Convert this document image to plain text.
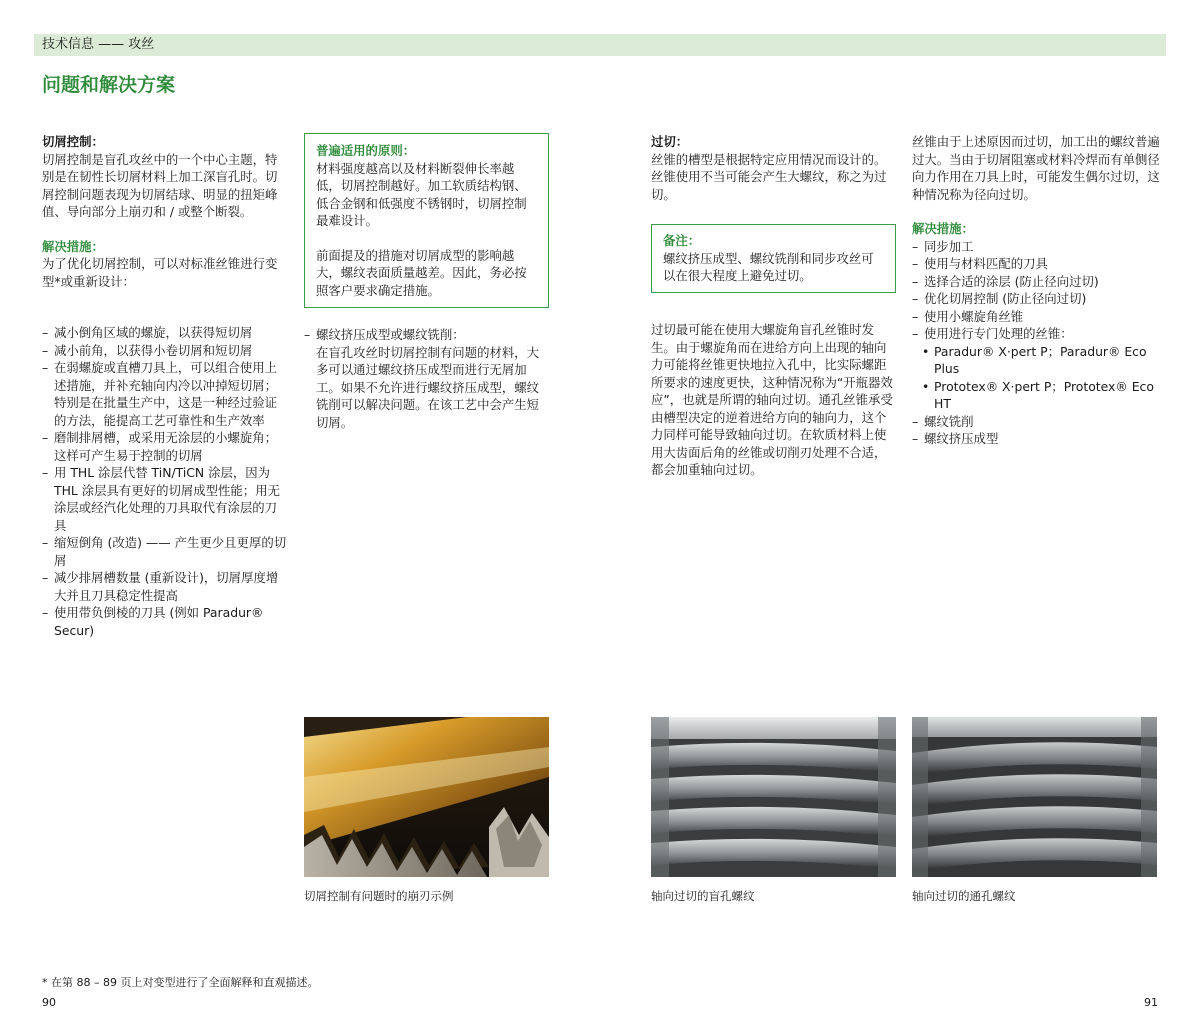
技术信息 —— 攻丝
问题和解决方案
切屑控制：
切屑控制是盲孔攻丝中的一个中心主题，特别是在韧性长切屑材料上加工深盲孔时。切屑控制问题表现为切屑结球、明显的扭矩峰值、导向部分上崩刃和 / 或整个断裂。
解决措施：
为了优化切屑控制，可以对标准丝锥进行变型*或重新设计：
– 减小倒角区域的螺旋，以获得短切屑
– 减小前角，以获得小卷切屑和短切屑
– 在弱螺旋或直槽刀具上，可以组合使用上述措施，并补充轴向内冷以冲掉短切屑；特别是在批量生产中，这是一种经过验证的方法，能提高工艺可靠性和生产效率
– 磨制排屑槽，或采用无涂层的小螺旋角；这样可产生易于控制的切屑
– 用 THL 涂层代替 TiN/TiCN 涂层，因为 THL 涂层具有更好的切屑成型性能；用无涂层或经汽化处理的刀具取代有涂层的刀具
– 缩短倒角 (改造) —— 产生更少且更厚的切屑
– 减少排屑槽数量 (重新设计)，切屑厚度增大并且刀具稳定性提高
– 使用带负倒棱的刀具 (例如 Paradur® Secur)
普遍适用的原则：
材料强度越高以及材料断裂伸长率越低，切屑控制越好。加工软质结构钢、低合金钢和低强度不锈钢时，切屑控制最难设计。
前面提及的措施对切屑成型的影响越大，螺纹表面质量越差。因此，务必按照客户要求确定措施。
– 螺纹挤压成型或螺纹铣削：
在盲孔攻丝时切屑控制有问题的材料，大多可以通过螺纹挤压成型而进行无屑加工。如果不允许进行螺纹挤压成型，螺纹铣削可以解决问题。在该工艺中会产生短切屑。
过切：
丝锥的槽型是根据特定应用情况而设计的。丝锥使用不当可能会产生大螺纹，称之为过切。
备注：
螺纹挤压成型、螺纹铣削和同步攻丝可以在很大程度上避免过切。
过切最可能在使用大螺旋角盲孔丝锥时发生。由于螺旋角而在进给方向上出现的轴向力可能将丝锥更快地拉入孔中，比实际螺距所要求的速度更快，这种情况称为“开瓶器效应”，也就是所谓的轴向过切。通孔丝锥承受由槽型决定的逆着进给方向的轴向力，这个力同样可能导致轴向过切。在软质材料上使用大齿面后角的丝锥或切削刃处理不合适，都会加重轴向过切。
丝锥由于上述原因而过切，加工出的螺纹普遍过大。当由于切屑阻塞或材料冷焊而有单侧径向力作用在刀具上时，可能发生偶尔过切，这种情况称为径向过切。
解决措施：
– 同步加工
– 使用与材料匹配的刀具
– 选择合适的涂层 (防止径向过切)
– 优化切屑控制 (防止径向过切)
– 使用小螺旋角丝锥
– 使用进行专门处理的丝锥：
• Paradur® X·pert P；Paradur® Eco Plus
• Prototex® X·pert P；Prototex® Eco HT
– 螺纹铣削
– 螺纹挤压成型
切屑控制有问题时的崩刃示例	轴向过切的盲孔螺纹	轴向过切的通孔螺纹
* 在第 88 – 89 页上对变型进行了全面解释和直观描述。
90	91
